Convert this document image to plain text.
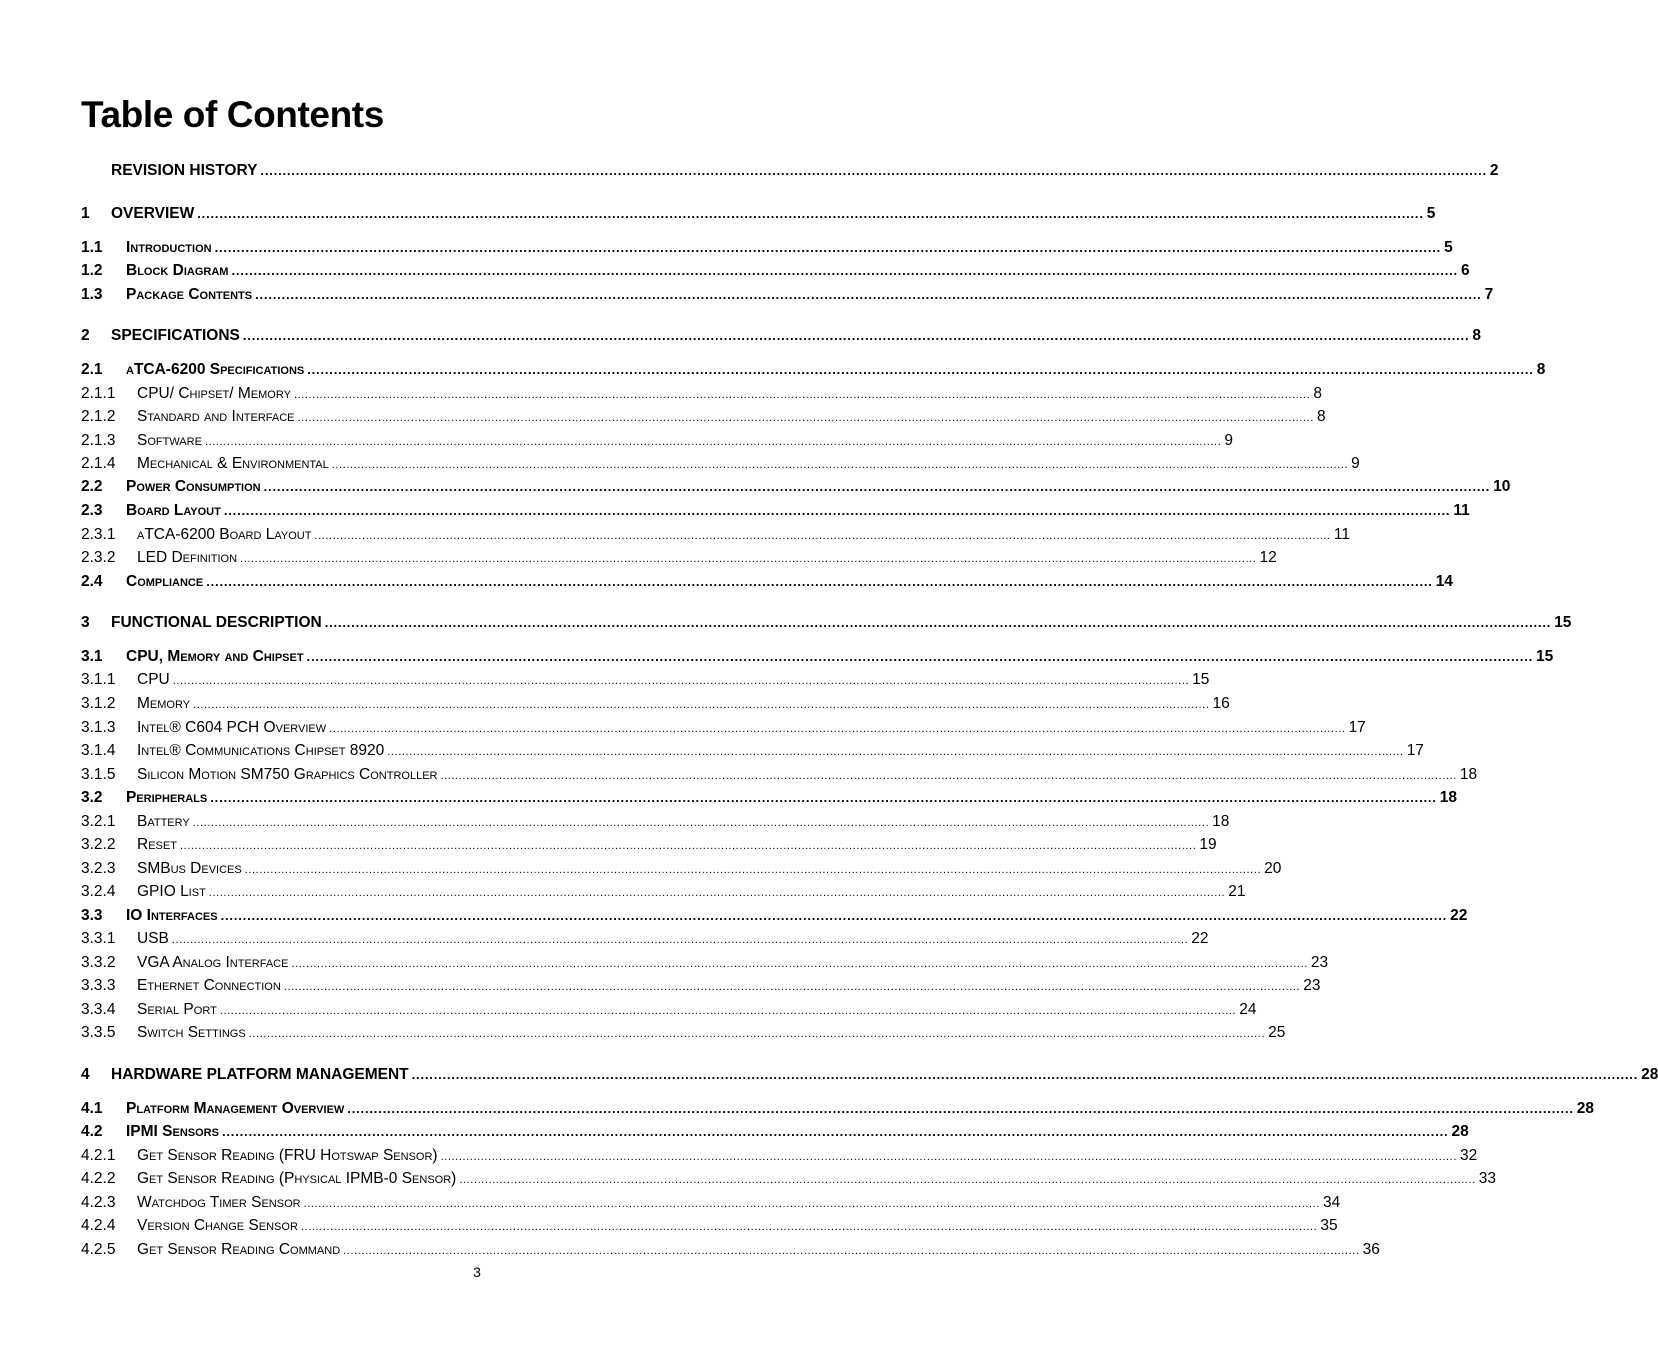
Table of Contents
REVISION HISTORY ...................................................................................................................................................................................................................................................................................... 2
1	OVERVIEW ...................................................................................................................................................................................................................................................................................... 5
1.1	Introduction ...................................................................................................................................................................................................................................................................................... 5
1.2	Block Diagram ...................................................................................................................................................................................................................................................................................... 6
1.3	Package Contents ...................................................................................................................................................................................................................................................................................... 7
2	SPECIFICATIONS ...................................................................................................................................................................................................................................................................................... 8
2.1	aTCA-6200 Specifications ...................................................................................................................................................................................................................................................................................... 8
2.1.1	CPU/ Chipset/ Memory ...................................................................................................................................................................................................................................................................................... 8
2.1.2	Standard and Interface ...................................................................................................................................................................................................................................................................................... 8
2.1.3	Software ...................................................................................................................................................................................................................................................................................... 9
2.1.4	Mechanical & Environmental ...................................................................................................................................................................................................................................................................................... 9
2.2	Power Consumption ...................................................................................................................................................................................................................................................................................... 10
2.3	Board Layout ...................................................................................................................................................................................................................................................................................... 11
2.3.1	aTCA-6200 Board Layout ...................................................................................................................................................................................................................................................................................... 11
2.3.2	LED Definition ...................................................................................................................................................................................................................................................................................... 12
2.4	Compliance ...................................................................................................................................................................................................................................................................................... 14
3	FUNCTIONAL DESCRIPTION ...................................................................................................................................................................................................................................................................................... 15
3.1	CPU, Memory and Chipset ...................................................................................................................................................................................................................................................................................... 15
3.1.1	CPU ...................................................................................................................................................................................................................................................................................... 15
3.1.2	Memory ...................................................................................................................................................................................................................................................................................... 16
3.1.3	Intel® C604 PCH Overview ...................................................................................................................................................................................................................................................................................... 17
3.1.4	Intel® Communications Chipset 8920 ...................................................................................................................................................................................................................................................................................... 17
3.1.5	Silicon Motion SM750 Graphics Controller ...................................................................................................................................................................................................................................................................................... 18
3.2	Peripherals ...................................................................................................................................................................................................................................................................................... 18
3.2.1	Battery ...................................................................................................................................................................................................................................................................................... 18
3.2.2	Reset ...................................................................................................................................................................................................................................................................................... 19
3.2.3	SMBus Devices ...................................................................................................................................................................................................................................................................................... 20
3.2.4	GPIO List ...................................................................................................................................................................................................................................................................................... 21
3.3	IO Interfaces ...................................................................................................................................................................................................................................................................................... 22
3.3.1	USB ...................................................................................................................................................................................................................................................................................... 22
3.3.2	VGA Analog Interface ...................................................................................................................................................................................................................................................................................... 23
3.3.3	Ethernet Connection ...................................................................................................................................................................................................................................................................................... 23
3.3.4	Serial Port ...................................................................................................................................................................................................................................................................................... 24
3.3.5	Switch Settings ...................................................................................................................................................................................................................................................................................... 25
4	HARDWARE PLATFORM MANAGEMENT ...................................................................................................................................................................................................................................................................................... 28
4.1	Platform Management Overview ...................................................................................................................................................................................................................................................................................... 28
4.2	IPMI Sensors ...................................................................................................................................................................................................................................................................................... 28
4.2.1	Get Sensor Reading (FRU Hotswap Sensor) ...................................................................................................................................................................................................................................................................................... 32
4.2.2	Get Sensor Reading (Physical IPMB-0 Sensor) ...................................................................................................................................................................................................................................................................................... 33
4.2.3	Watchdog Timer Sensor ...................................................................................................................................................................................................................................................................................... 34
4.2.4	Version Change Sensor ...................................................................................................................................................................................................................................................................................... 35
4.2.5	Get Sensor Reading Command ...................................................................................................................................................................................................................................................................................... 36
3
